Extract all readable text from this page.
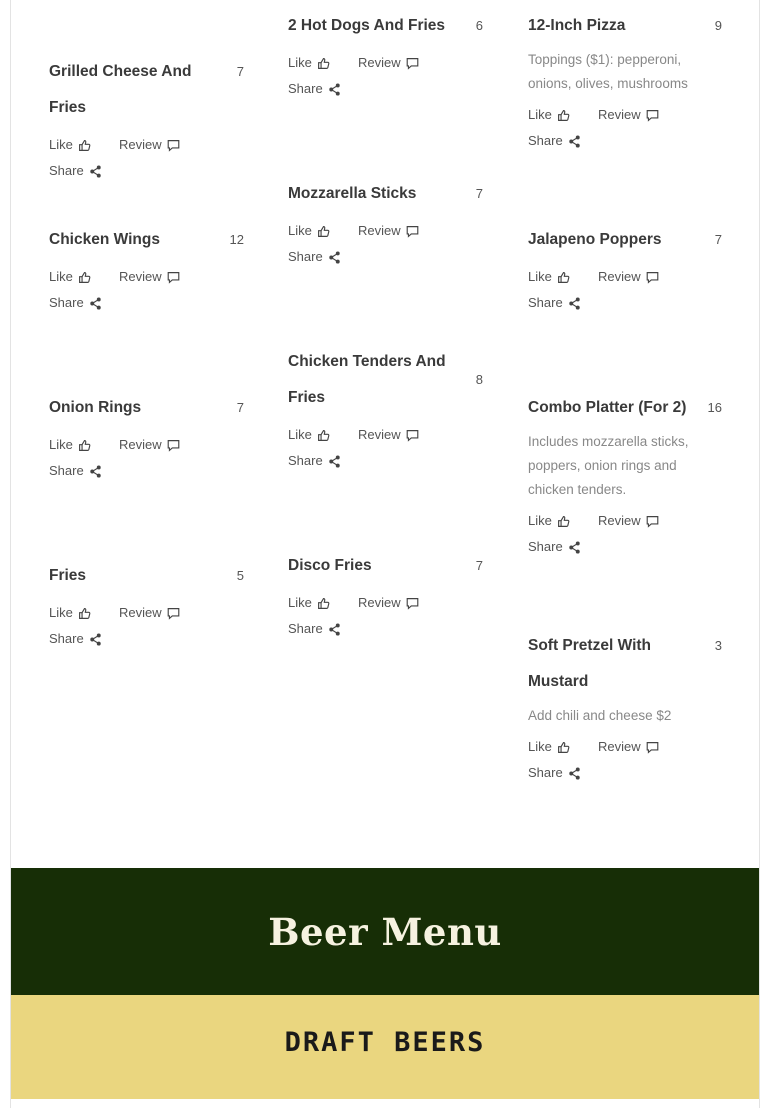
Grilled Cheese And Fries
7
Like	Review
Share
Chicken Wings	12
Like	Review
Share
Onion Rings	7
Like	Review
Share
Fries	5
Like	Review
Share
2 Hot Dogs And Fries	6
Like	Review
Share
Mozzarella Sticks	7
Like	Review
Share
Chicken Tenders And Fries
8
Like	Review
Share
Disco Fries	7
Like	Review
Share
12-Inch Pizza	9
Toppings ($1): pepperoni, onions, olives, mushrooms
Like	Review
Share
Jalapeno Poppers	7
Like	Review
Share
Combo Platter (For 2)	16
Includes mozzarella sticks, poppers, onion rings and chicken tenders.
Like	Review
Share
Soft Pretzel With Mustard
3
Add chili and cheese $2
Like	Review
Share
Beer Menu
DRAFT BEERS
